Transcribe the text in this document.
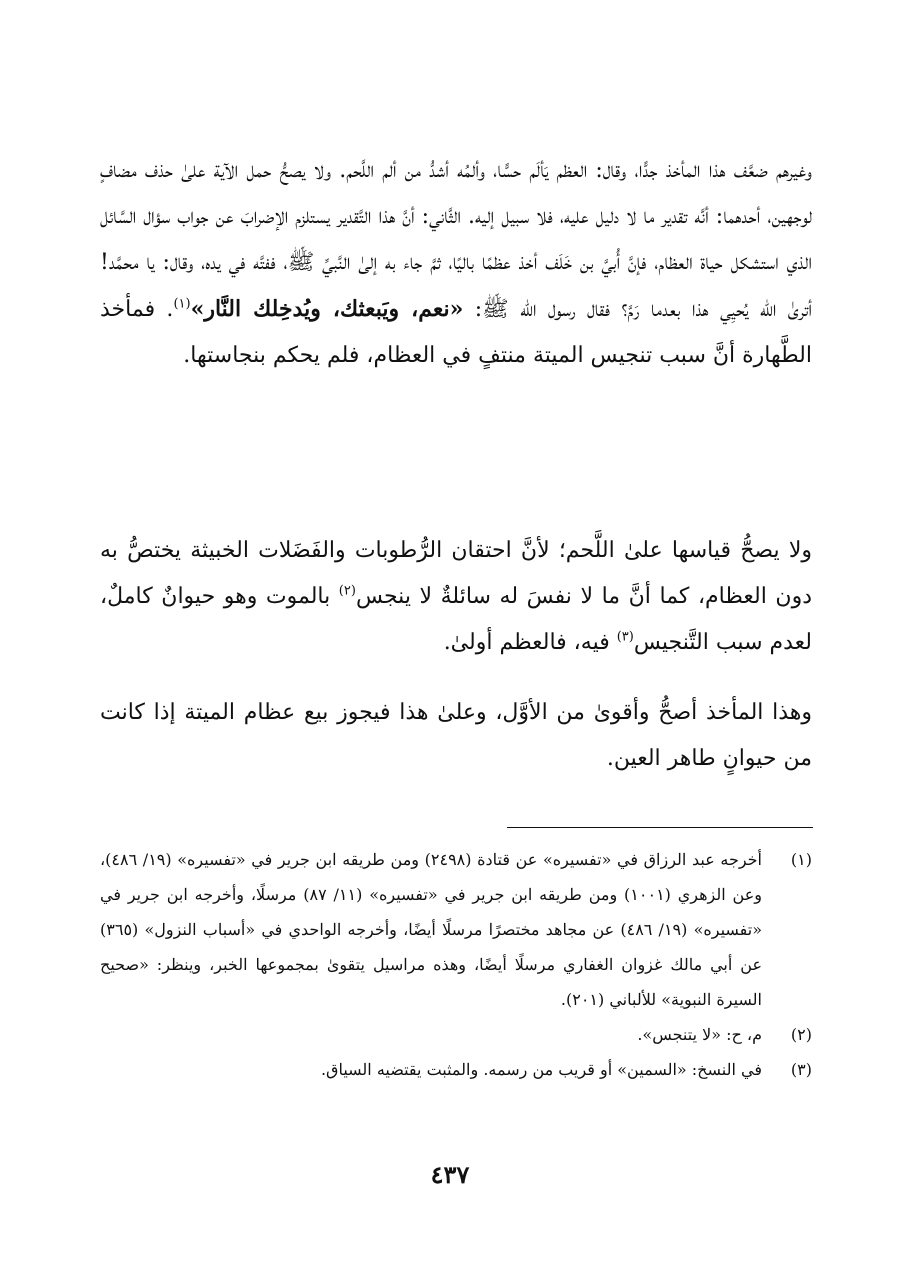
وغيرهم ضعَّف هذا المأخذ جدًّا، وقال: العظم يَألَم حسًّا، وألمُه أشدُّ من ألم اللَّحم. ولا يصحُّ حمل الآية علىٰ حذف مضافٍ لوجهين، أحدهما: أنَّه تقدير ما لا دليل عليه، فلا سبيل إليه. الثَّاني: أنَّ هذا التَّقدير يستلزم الإضرابَ عن جواب سؤال السَّائل الذي استشكل حياة العظام، فإنَّ أُبيَّ بن خَلَف أخذ عظمًا باليًا، ثمَّ جاء به إلىٰ النَّبيِّ ﷺ، ففتَّه في يده، وقال: يا محمَّد! أترىٰ الله يُحيِي هذا بعدما رَمَّ؟ فقال رسول الله ﷺ: «نعم، ويَبعثك، ويُدخِلك النَّار»$^{(١)}$. فمأخذ الطَّهارة أنَّ سبب تنجيس الميتة منتفٍ في العظام، فلم يحكم بنجاستها.

ولا يصحُّ قياسها علىٰ اللَّحم؛ لأنَّ احتقان الرُّطوبات والفَضَلات الخبيثة يختصُّ به دون العظام، كما أنَّ ما لا نفسَ له سائلةٌ لا ينجس$^{(٢)}$ بالموت وهو حيوانٌ كاملٌ، لعدم سبب التَّنجيس$^{(٣)}$ فيه، فالعظم أولىٰ.

وهذا المأخذ أصحُّ وأقوىٰ من الأوَّل، وعلىٰ هذا فيجوز بيع عظام الميتة إذا كانت من حيوانٍ طاهر العين.

(١)
أخرجه عبد الرزاق في «تفسيره» عن قتادة (٢٤٩٨) ومن طريقه ابن جرير في «تفسيره» (١٩/ ٤٨٦)، وعن الزهري (١٠٠١) ومن طريقه ابن جرير في «تفسيره» (١١/ ٨٧) مرسلًا، وأخرجه ابن جرير في «تفسيره» (١٩/ ٤٨٦) عن مجاهد مختصرًا مرسلًا أيضًا، وأخرجه الواحدي في «أسباب النزول» (٣٦٥) عن أبي مالك غزوان الغفاري مرسلًا أيضًا، وهذه مراسيل يتقوىٰ بمجموعها الخبر، وينظر: «صحيح السيرة النبوية» للألباني (٢٠١).

(٢)
م، ح: «لا يتنجس».

(٣)
في النسخ: «السمين» أو قريب من رسمه. والمثبت يقتضيه السياق.

٤٣٧
